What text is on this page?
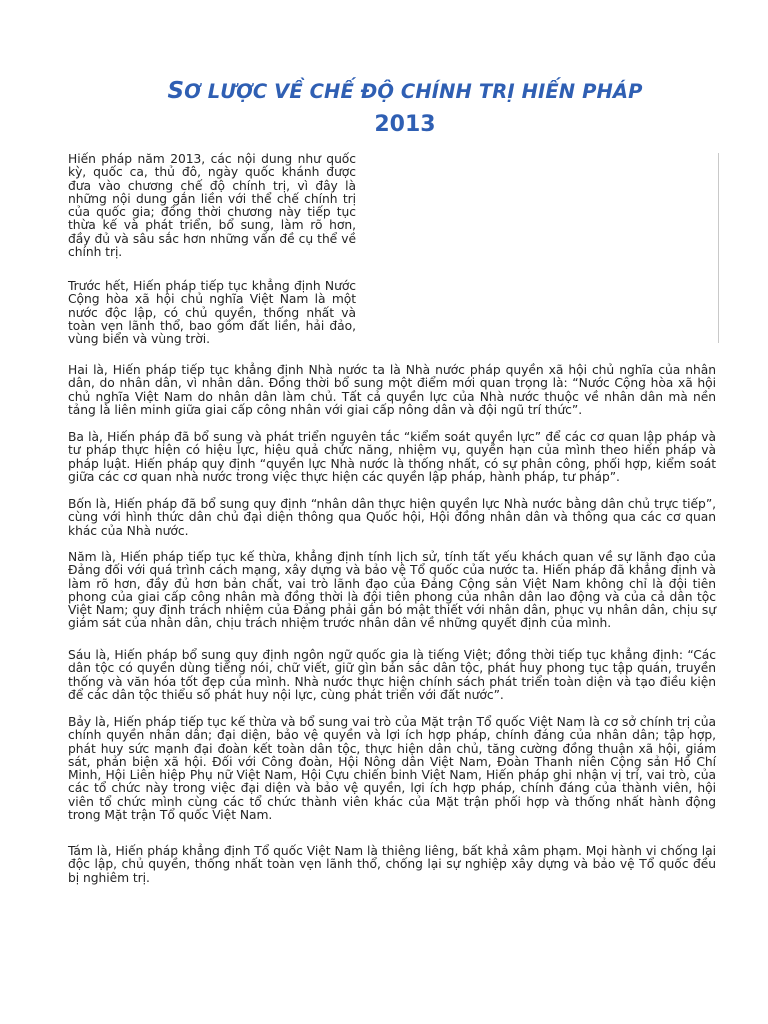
SƠ LƯỢC VỀ CHẾ ĐỘ CHÍNH TRỊ HIẾN PHÁP
2013

Hiến pháp năm 2013, các nội dung như quốc kỳ, quốc ca, thủ đô, ngày quốc khánh được đưa vào chương chế độ chính trị, vì đây là những nội dung gắn liền với thể chế chính trị của quốc gia; đồng thời chương này tiếp tục thừa kế và phát triển, bổ sung, làm rõ hơn, đầy đủ và sâu sắc hơn những vấn đề cụ thể về chính trị.

Trước hết, Hiến pháp tiếp tục khẳng định Nước Cộng hòa xã hội chủ nghĩa Việt Nam là một nước độc lập, có chủ quyền, thống nhất và toàn vẹn lãnh thổ, bao gồm đất liền, hải đảo, vùng biển và vùng trời.

Hai là, Hiến pháp tiếp tục khẳng định Nhà nước ta là Nhà nước pháp quyền xã hội chủ nghĩa của nhân dân, do nhân dân, vì nhân dân. Đồng thời bổ sung một điểm mới quan trọng là: “Nước Cộng hòa xã hội chủ nghĩa Việt Nam do nhân dân làm chủ. Tất cả quyền lực của Nhà nước thuộc về nhân dân mà nền tảng là liên minh giữa giai cấp công nhân với giai cấp nông dân và đội ngũ trí thức”.

Ba là, Hiến pháp đã bổ sung và phát triển nguyên tắc “kiểm soát quyền lực” để các cơ quan lập pháp và tư pháp thực hiện có hiệu lực, hiệu quả chức năng, nhiệm vụ, quyền hạn của mình theo hiến pháp và pháp luật. Hiến pháp quy định “quyền lực Nhà nước là thống nhất, có sự phân công, phối hợp, kiểm soát giữa các cơ quan nhà nước trong việc thực hiện các quyền lập pháp, hành pháp, tư pháp”.

Bốn là, Hiến pháp đã bổ sung quy định “nhân dân thực hiện quyền lực Nhà nước bằng dân chủ trực tiếp”, cùng với hình thức dân chủ đại diện thông qua Quốc hội, Hội đồng nhân dân và thông qua các cơ quan khác của Nhà nước.

Năm là, Hiến pháp tiếp tục kế thừa, khẳng định tính lịch sử, tính tất yếu khách quan về sự lãnh đạo của Đảng đối với quá trình cách mạng, xây dựng và bảo vệ Tổ quốc của nước ta. Hiến pháp đã khẳng định và làm rõ hơn, đầy đủ hơn bản chất, vai trò lãnh đạo của Đảng Cộng sản Việt Nam không chỉ là đội tiên phong của giai cấp công nhân mà đồng thời là đội tiên phong của nhân dân lao động và của cả dân tộc Việt Nam; quy định trách nhiệm của Đảng phải gắn bó mật thiết với nhân dân, phục vụ nhân dân, chịu sự giám sát của nhân dân, chịu trách nhiệm trước nhân dân về những quyết định của mình.

Sáu là, Hiến pháp bổ sung quy định ngôn ngữ quốc gia là tiếng Việt; đồng thời tiếp tục khẳng định: “Các dân tộc có quyền dùng tiếng nói, chữ viết, giữ gìn bản sắc dân tộc, phát huy phong tục tập quán, truyền thống và văn hóa tốt đẹp của mình. Nhà nước thực hiện chính sách phát triển toàn diện và tạo điều kiện để các dân tộc thiểu số phát huy nội lực, cùng phát triển với đất nước”.

Bảy là, Hiến pháp tiếp tục kế thừa và bổ sung vai trò của Mặt trận Tổ quốc Việt Nam là cơ sở chính trị của chính quyền nhân dân; đại diện, bảo vệ quyền và lợi ích hợp pháp, chính đáng của nhân dân; tập hợp, phát huy sức mạnh đại đoàn kết toàn dân tộc, thực hiện dân chủ, tăng cường đồng thuận xã hội, giám sát, phản biện xã hội. Đối với Công đoàn, Hội Nông dân Việt Nam, Đoàn Thanh niên Cộng sản Hồ Chí Minh, Hội Liên hiệp Phụ nữ Việt Nam, Hội Cựu chiến binh Việt Nam, Hiến pháp ghi nhận vị trí, vai trò, của các tổ chức này trong việc đại diện và bảo vệ quyền, lợi ích hợp pháp, chính đáng của thành viên, hội viên tổ chức mình cùng các tổ chức thành viên khác của Mặt trận phối hợp và thống nhất hành động trong Mặt trận Tổ quốc Việt Nam.

Tám là, Hiến pháp khẳng định Tổ quốc Việt Nam là thiêng liêng, bất khả xâm phạm. Mọi hành vi chống lại độc lập, chủ quyền, thống nhất toàn vẹn lãnh thổ, chống lại sự nghiệp xây dựng và bảo vệ Tổ quốc đều bị nghiêm trị.
